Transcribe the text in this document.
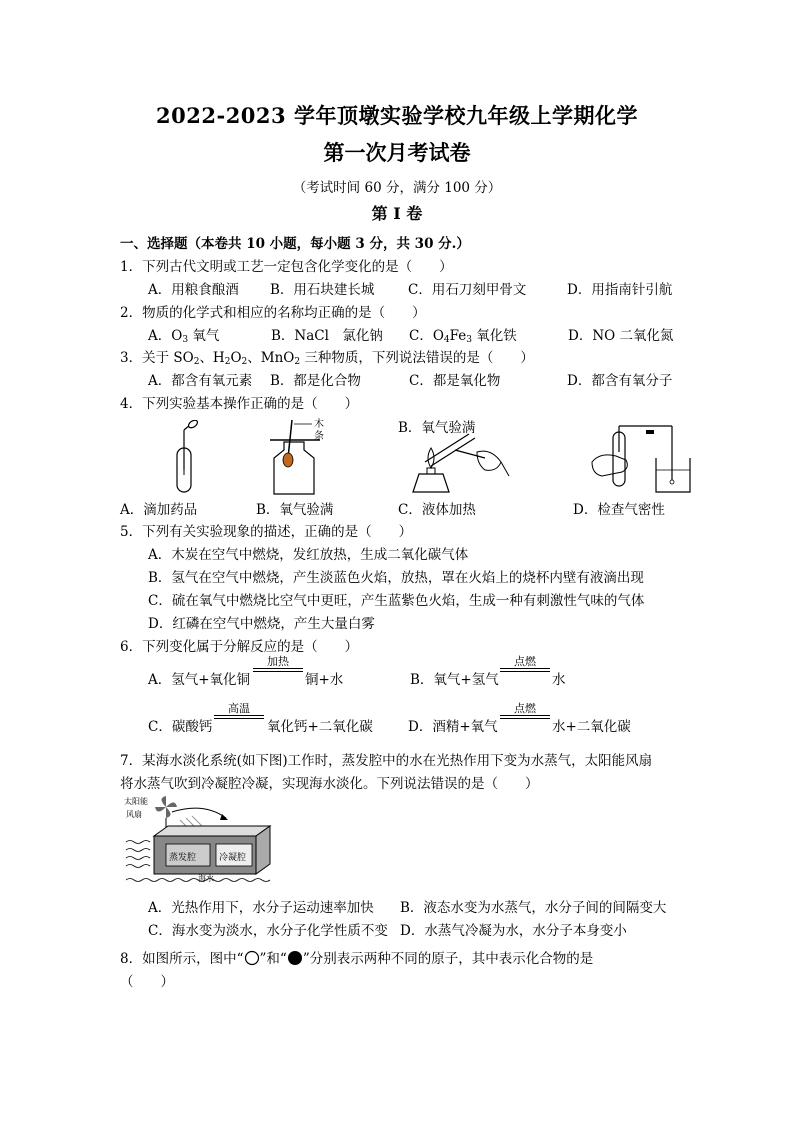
2022-2023 学年顶墩实验学校九年级上学期化学
第一次月考试卷
（考试时间 60 分，满分 100 分）
第 I 卷
一、选择题（本卷共 10 小题，每小题 3 分，共 30 分.）
1．下列古代文明或工艺一定包含化学变化的是（　　）
A．用粮食酿酒 B．用石块建长城 C．用石刀刻甲骨文	D．用指南针引航
2．物质的化学式和相应的名称均正确的是（　　）
A．$O_3$ 氧气	B．NaCl　氯化钠 C．$O_4Fe_3$ 氧化铁	D．NO 二氧化氮
3．关于 $SO_2$、$H_2O_2$、MnO$_2$ 三种物质，下列说法错误的是（　　）
A．都含有氧元素 B．都是化合物	C．都是氧化物	D．都含有氧分子
4．下列实验基本操作正确的是（　　）
B．氧气验满
木
条
A．滴加药品	B．氧气验满	C．液体加热	D．检查气密性
5．下列有关实验现象的描述，正确的是（　　）
A．木炭在空气中燃烧，发红放热，生成二氧化碳气体
B．氢气在空气中燃烧，产生淡蓝色火焰，放热，罩在火焰上的烧杯内壁有液滴出现
C．硫在氧气中燃烧比空气中更旺，产生蓝紫色火焰，生成一种有刺激性气味的气体
D．红磷在空气中燃烧，产生大量白雾
6．下列变化属于分解反应的是（　　）
A．氢气+氧化铜
加热
铜+水	B．氧气+氢气
点燃
水
C．碳酸钙
高温
氧化钙+二氧化碳	D．酒精+氧气
点燃
水+二氧化碳
7．某海水淡化系统(如下图)工作时，蒸发腔中的水在光热作用下变为水蒸气，太阳能风扇
将水蒸气吹到冷凝腔冷凝，实现海水淡化。下列说法错误的是（　　）
太阳能
风扇
蒸发腔	冷凝腔
海水
A．光热作用下，水分子运动速率加快 B．液态水变为水蒸气，水分子间的间隔变大
C．海水变为淡水，水分子化学性质不变 D．水蒸气冷凝为水，水分子本身变小
8．如图所示，图中“ ”和“ ”分别表示两种不同的原子，其中表示化合物的是
（　　）
